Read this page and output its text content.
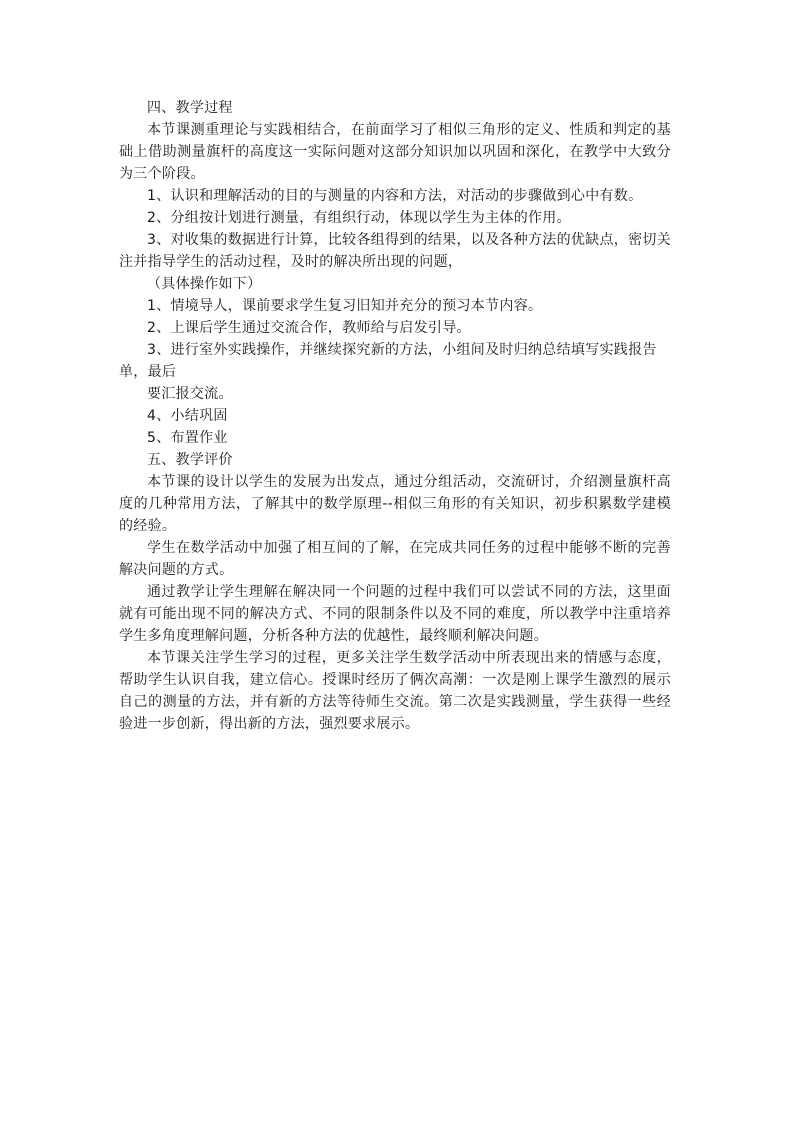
四、教学过程

本节课测重理论与实践相结合，在前面学习了相似三角形的定义、性质和判定的基础上借助测量旗杆的高度这一实际问题对这部分知识加以巩固和深化，在教学中大致分为三个阶段。

1、认识和理解活动的目的与测量的内容和方法，对活动的步骤做到心中有数。

2、分组按计划进行测量，有组织行动，体现以学生为主体的作用。

3、对收集的数据进行计算，比较各组得到的结果，以及各种方法的优缺点，密切关注并指导学生的活动过程，及时的解决所出现的问题，

（具体操作如下）

1、情境导人，课前要求学生复习旧知并充分的预习本节内容。

2、上课后学生通过交流合作，教师给与启发引导。

3、进行室外实践操作，并继续探究新的方法，小组间及时归纳总结填写实践报告

单，最后

要汇报交流。

4、小结巩固

5、布置作业

五、教学评价

本节课的设计以学生的发展为出发点，通过分组活动，交流研讨，介绍测量旗杆高度的几种常用方法，了解其中的数学原理--相似三角形的有关知识，初步积累数学建模的经验。

学生在数学活动中加强了相互间的了解，在完成共同任务的过程中能够不断的完善解决问题的方式。

通过教学让学生理解在解决同一个问题的过程中我们可以尝试不同的方法，这里面就有可能出现不同的解决方式、不同的限制条件以及不同的难度，所以教学中注重培养学生多角度理解问题，分析各种方法的优越性，最终顺利解决问题。

本节课关注学生学习的过程，更多关注学生数学活动中所表现出来的情感与态度，帮助学生认识自我，建立信心。授课时经历了俩次高潮：一次是刚上课学生激烈的展示自己的测量的方法，并有新的方法等待师生交流。第二次是实践测量，学生获得一些经验进一步创新，得出新的方法，强烈要求展示。
